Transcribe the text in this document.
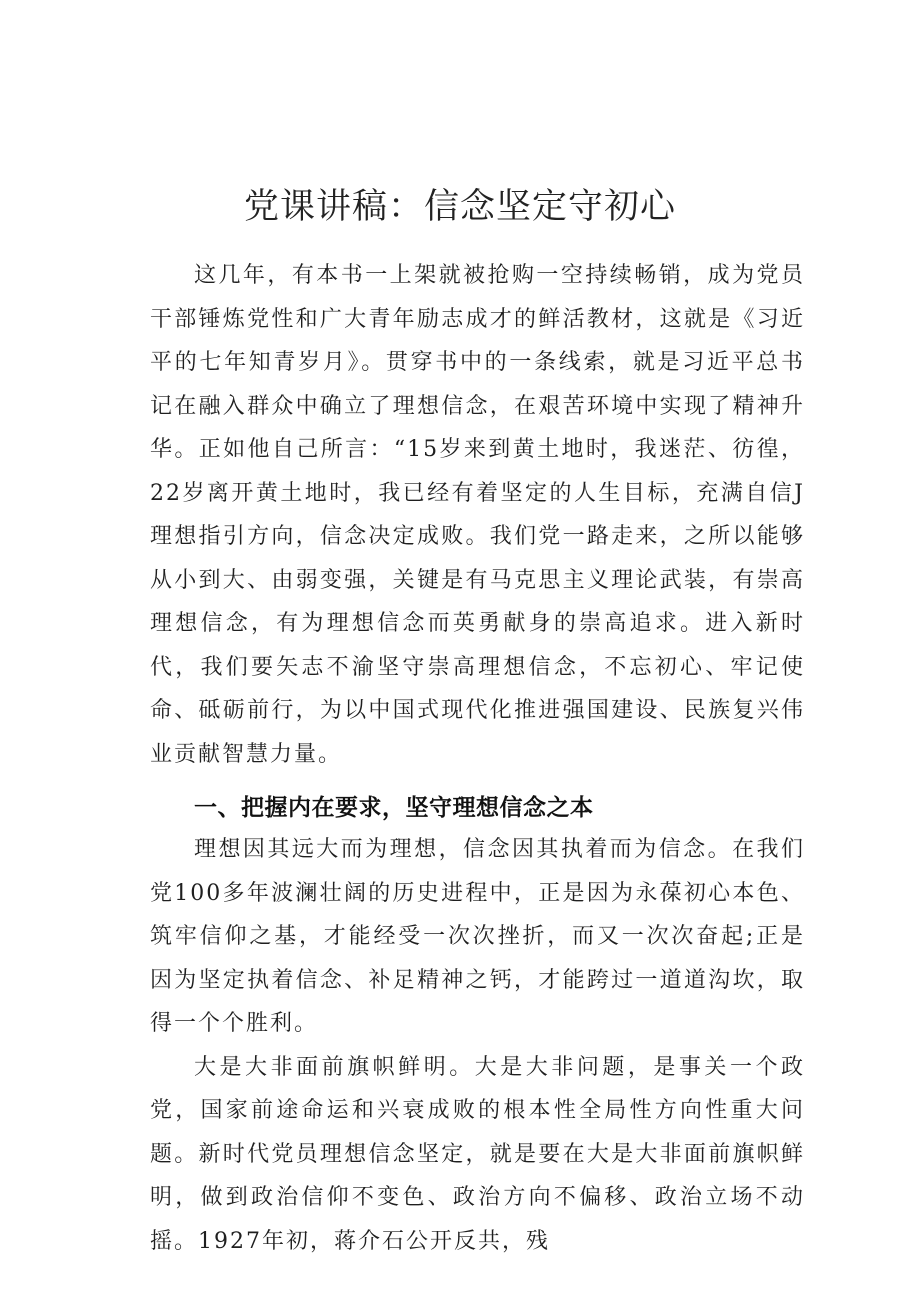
党课讲稿：信念坚定守初心

这几年，有本书一上架就被抢购一空持续畅销，成为党员干部锤炼党性和广大青年励志成才的鲜活教材，这就是《习近平的七年知青岁月》。贯穿书中的一条线索，就是习近平总书记在融入群众中确立了理想信念，在艰苦环境中实现了精神升华。正如他自己所言：“15岁来到黄土地时，我迷茫、彷徨，22岁离开黄土地时，我已经有着坚定的人生目标，充满自信J理想指引方向，信念决定成败。我们党一路走来，之所以能够从小到大、由弱变强，关键是有马克思主义理论武装，有崇高理想信念，有为理想信念而英勇献身的崇高追求。进入新时代，我们要矢志不渝坚守崇高理想信念，不忘初心、牢记使命、砥砺前行，为以中国式现代化推进强国建设、民族复兴伟业贡献智慧力量。

一、把握内在要求，坚守理想信念之本

理想因其远大而为理想，信念因其执着而为信念。在我们党100多年波澜壮阔的历史进程中，正是因为永葆初心本色、筑牢信仰之基，才能经受一次次挫折，而又一次次奋起;正是因为坚定执着信念、补足精神之钙，才能跨过一道道沟坎，取得一个个胜利。

大是大非面前旗帜鲜明。大是大非问题，是事关一个政党，国家前途命运和兴衰成败的根本性全局性方向性重大问题。新时代党员理想信念坚定，就是要在大是大非面前旗帜鲜明，做到政治信仰不变色、政治方向不偏移、政治立场不动摇。1927年初，蒋介石公开反共，残
